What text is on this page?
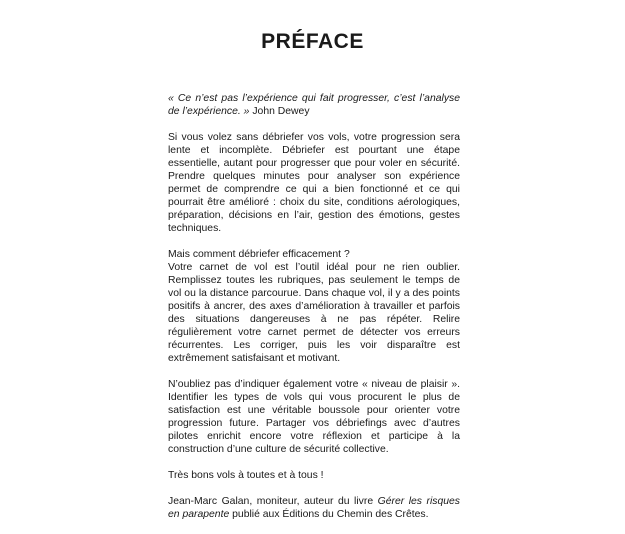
PRÉFACE

« Ce n’est pas l’expérience qui fait progresser, c’est l’analyse de l’expérience. » John Dewey

Si vous volez sans débriefer vos vols, votre progression sera lente et incomplète. Débriefer est pourtant une étape essentielle, autant pour progresser que pour voler en sécurité. Prendre quelques minutes pour analyser son expérience permet de comprendre ce qui a bien fonctionné et ce qui pourrait être amélioré : choix du site, conditions aérologiques, préparation, décisions en l’air, gestion des émotions, gestes techniques.

Mais comment débriefer efficacement ?

Votre carnet de vol est l’outil idéal pour ne rien oublier. Remplissez toutes les rubriques, pas seulement le temps de vol ou la distance parcourue. Dans chaque vol, il y a des points positifs à ancrer, des axes d’amélioration à travailler et parfois des situations dangereuses à ne pas répéter. Relire régulièrement votre carnet permet de détecter vos erreurs récurrentes. Les corriger, puis les voir disparaître est extrêmement satisfaisant et motivant.

N’oubliez pas d’indiquer également votre « niveau de plaisir ». Identifier les types de vols qui vous procurent le plus de satisfaction est une véritable boussole pour orienter votre progression future. Partager vos débriefings avec d’autres pilotes enrichit encore votre réflexion et participe à la construction d’une culture de sécurité collective.

Très bons vols à toutes et à tous !

Jean-Marc Galan, moniteur, auteur du livre Gérer les risques en parapente publié aux Éditions du Chemin des Crêtes.
